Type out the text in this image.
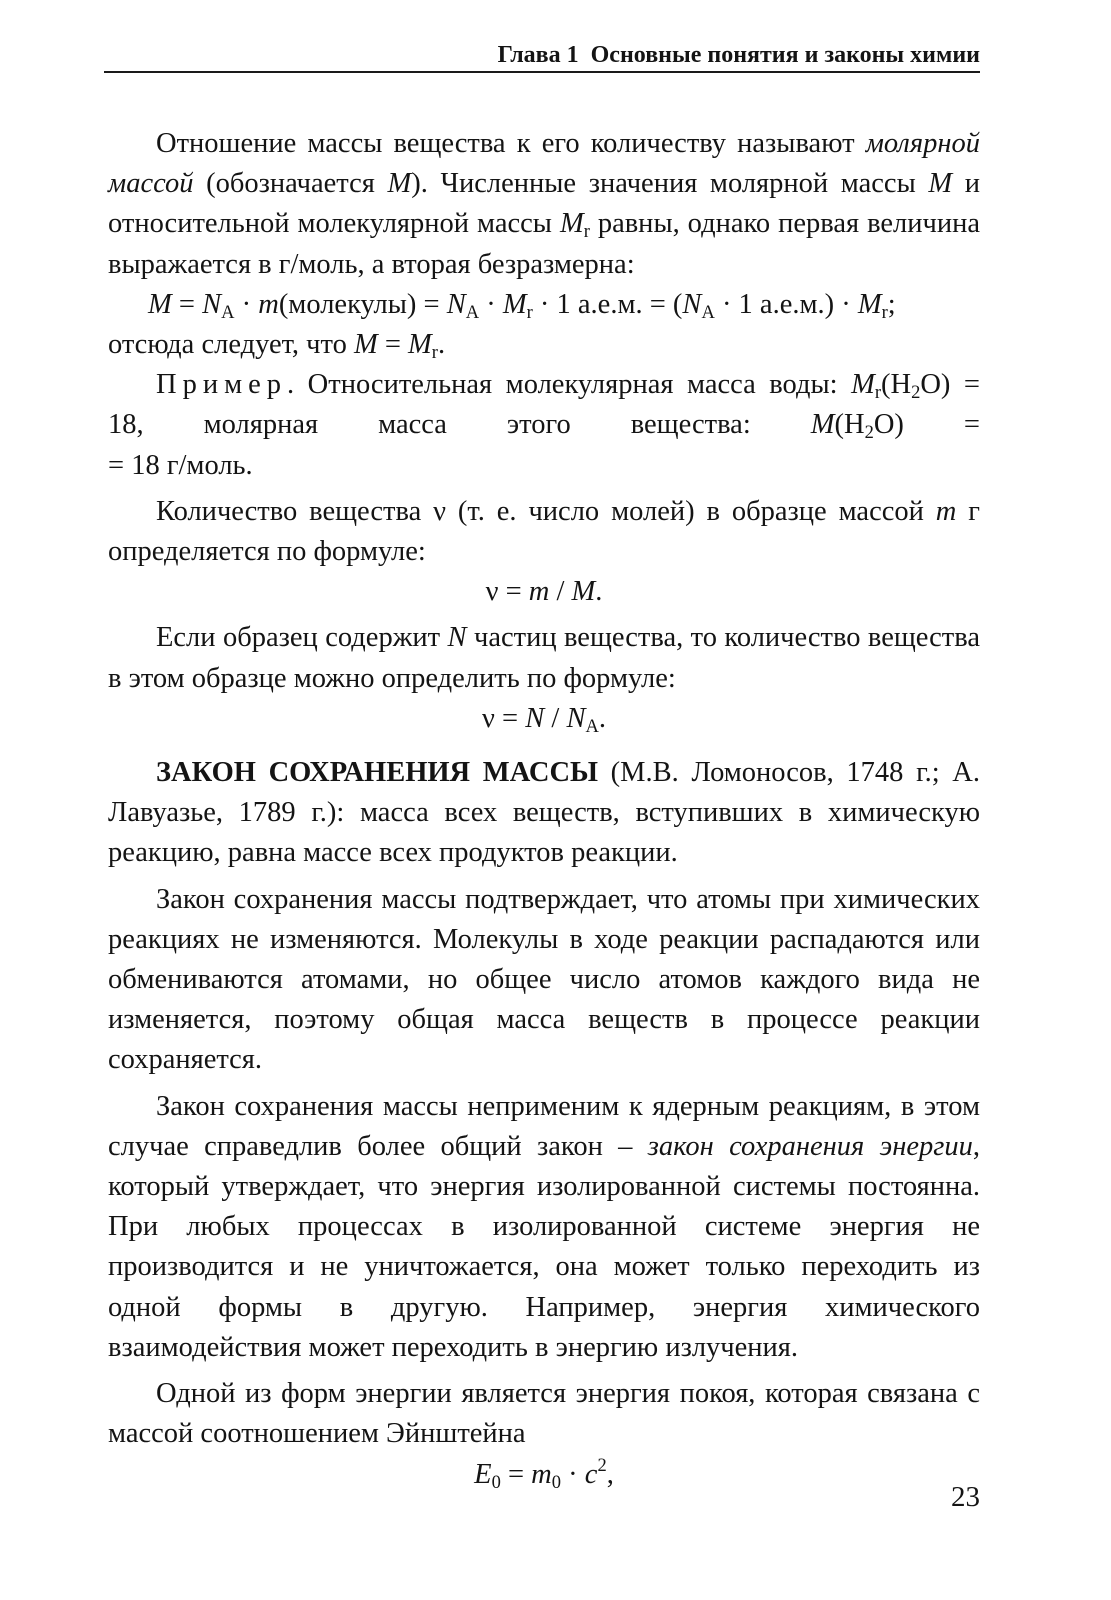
Глава 1 Основные понятия и законы химии

Отношение массы вещества к его количеству называют молярной массой (обозначается M). Численные значения молярной массы M и относительной молекулярной массы $M_r$ равны, однако первая величина выражается в г/моль, а вторая безразмерна:

$M = N_A$ · m(молекулы) = $N_A \cdot M_r \cdot 1$ а.е.м. = ($N_A \cdot 1$ $а.е.м.) \cdot M_r$;

отсюда следует, что $M = M_r$.

Пример. Относительная молекулярная масса воды: $M_r(H_2O) = 18$, молярная масса этого вещества: $M(H_2O)$ =

= 18 г/моль.

Количество вещества ν (т. е. число молей) в образце массой m г определяется по формуле:

ν = m / M.

Если образец содержит N частиц вещества, то количество вещества в этом образце можно определить по формуле:

$\nu = N / N_A$.

ЗАКОН СОХРАНЕНИЯ МАССЫ (М.В. Ломоносов, 1748 г.; А. Лавуазье, 1789 г.): масса всех веществ, вступивших в химическую реакцию, равна массе всех продуктов реакции.

Закон сохранения массы подтверждает, что атомы при химических реакциях не изменяются. Молекулы в ходе реакции распадаются или обмениваются атомами, но общее число атомов каждого вида не изменяется, поэтому общая масса веществ в процессе реакции сохраняется.

Закон сохранения массы неприменим к ядерным реакциям, в этом случае справедлив более общий закон – закон сохранения энергии, который утверждает, что энергия изолированной системы постоянна. При любых процессах в изолированной системе энергия не производится и не уничтожается, она может только переходить из одной формы в другую. Например, энергия химического взаимодействия может переходить в энергию излучения.

Одной из форм энергии является энергия покоя, которая связана с массой соотношением Эйнштейна

$E_0 = m_0 \cdot c^2$,

23
